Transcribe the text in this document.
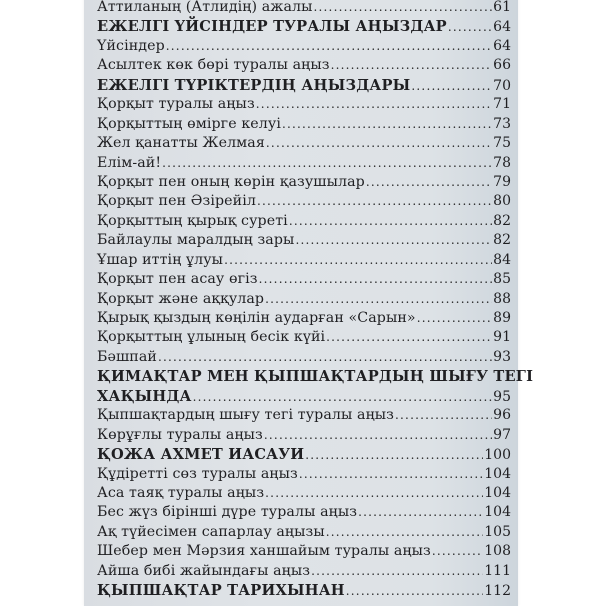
Аттиланың (Атлидің) ажалы .....	61
ЕЖЕЛГІ ҮЙСІНДЕР ТУРАЛЫ АҢЫЗДАР .....	64
Үйсіндер .....	64
Асылтек көк бөрі туралы аңыз .....	66
ЕЖЕЛГІ ТҮРІКТЕРДІҢ АҢЫЗДАРЫ .....	70
Қорқыт туралы аңыз .....	71
Қорқыттың өмірге келуі .....	73
Жел қанатты Желмая .....	75
Елім-ай! .....	78
Қорқыт пен оның көрін қазушылар .....	79
Қорқыт пен Әзірейіл .....	80
Қорқыттың қырық суреті .....	82
Байлаулы маралдың зары .....	82
Ұшар иттің ұлуы .....	84
Қорқыт пен асау өгіз .....	85
Қорқыт және аққулар .....	88
Қырық қыздың көңілін аударған «Сарын» .....	89
Қорқыттың ұлының бесік күйі .....	91
Бәшпай .....	93
ҚИМАҚТАР МЕН ҚЫПШАҚТАРДЫҢ ШЫҒУ ТЕГІ
ХАҚЫНДА .....	95
Қыпшақтардың шығу тегі туралы аңыз .....	96
Көрұғлы туралы аңыз .....	97
ҚОЖА АХМЕТ ИАСАУИ .....	100
Құдіретті сөз туралы аңыз .....	104
Аса таяқ туралы аңыз .....	104
Бес жүз бірінші дүре туралы аңыз .....	104
Ақ түйесімен сапарлау аңызы .....	105
Шебер мен Мәрзия ханшайым туралы аңыз .....	108
Айша бибі жайындағы аңыз .....	111
ҚЫПШАҚТАР ТАРИХЫНАН .....	112
